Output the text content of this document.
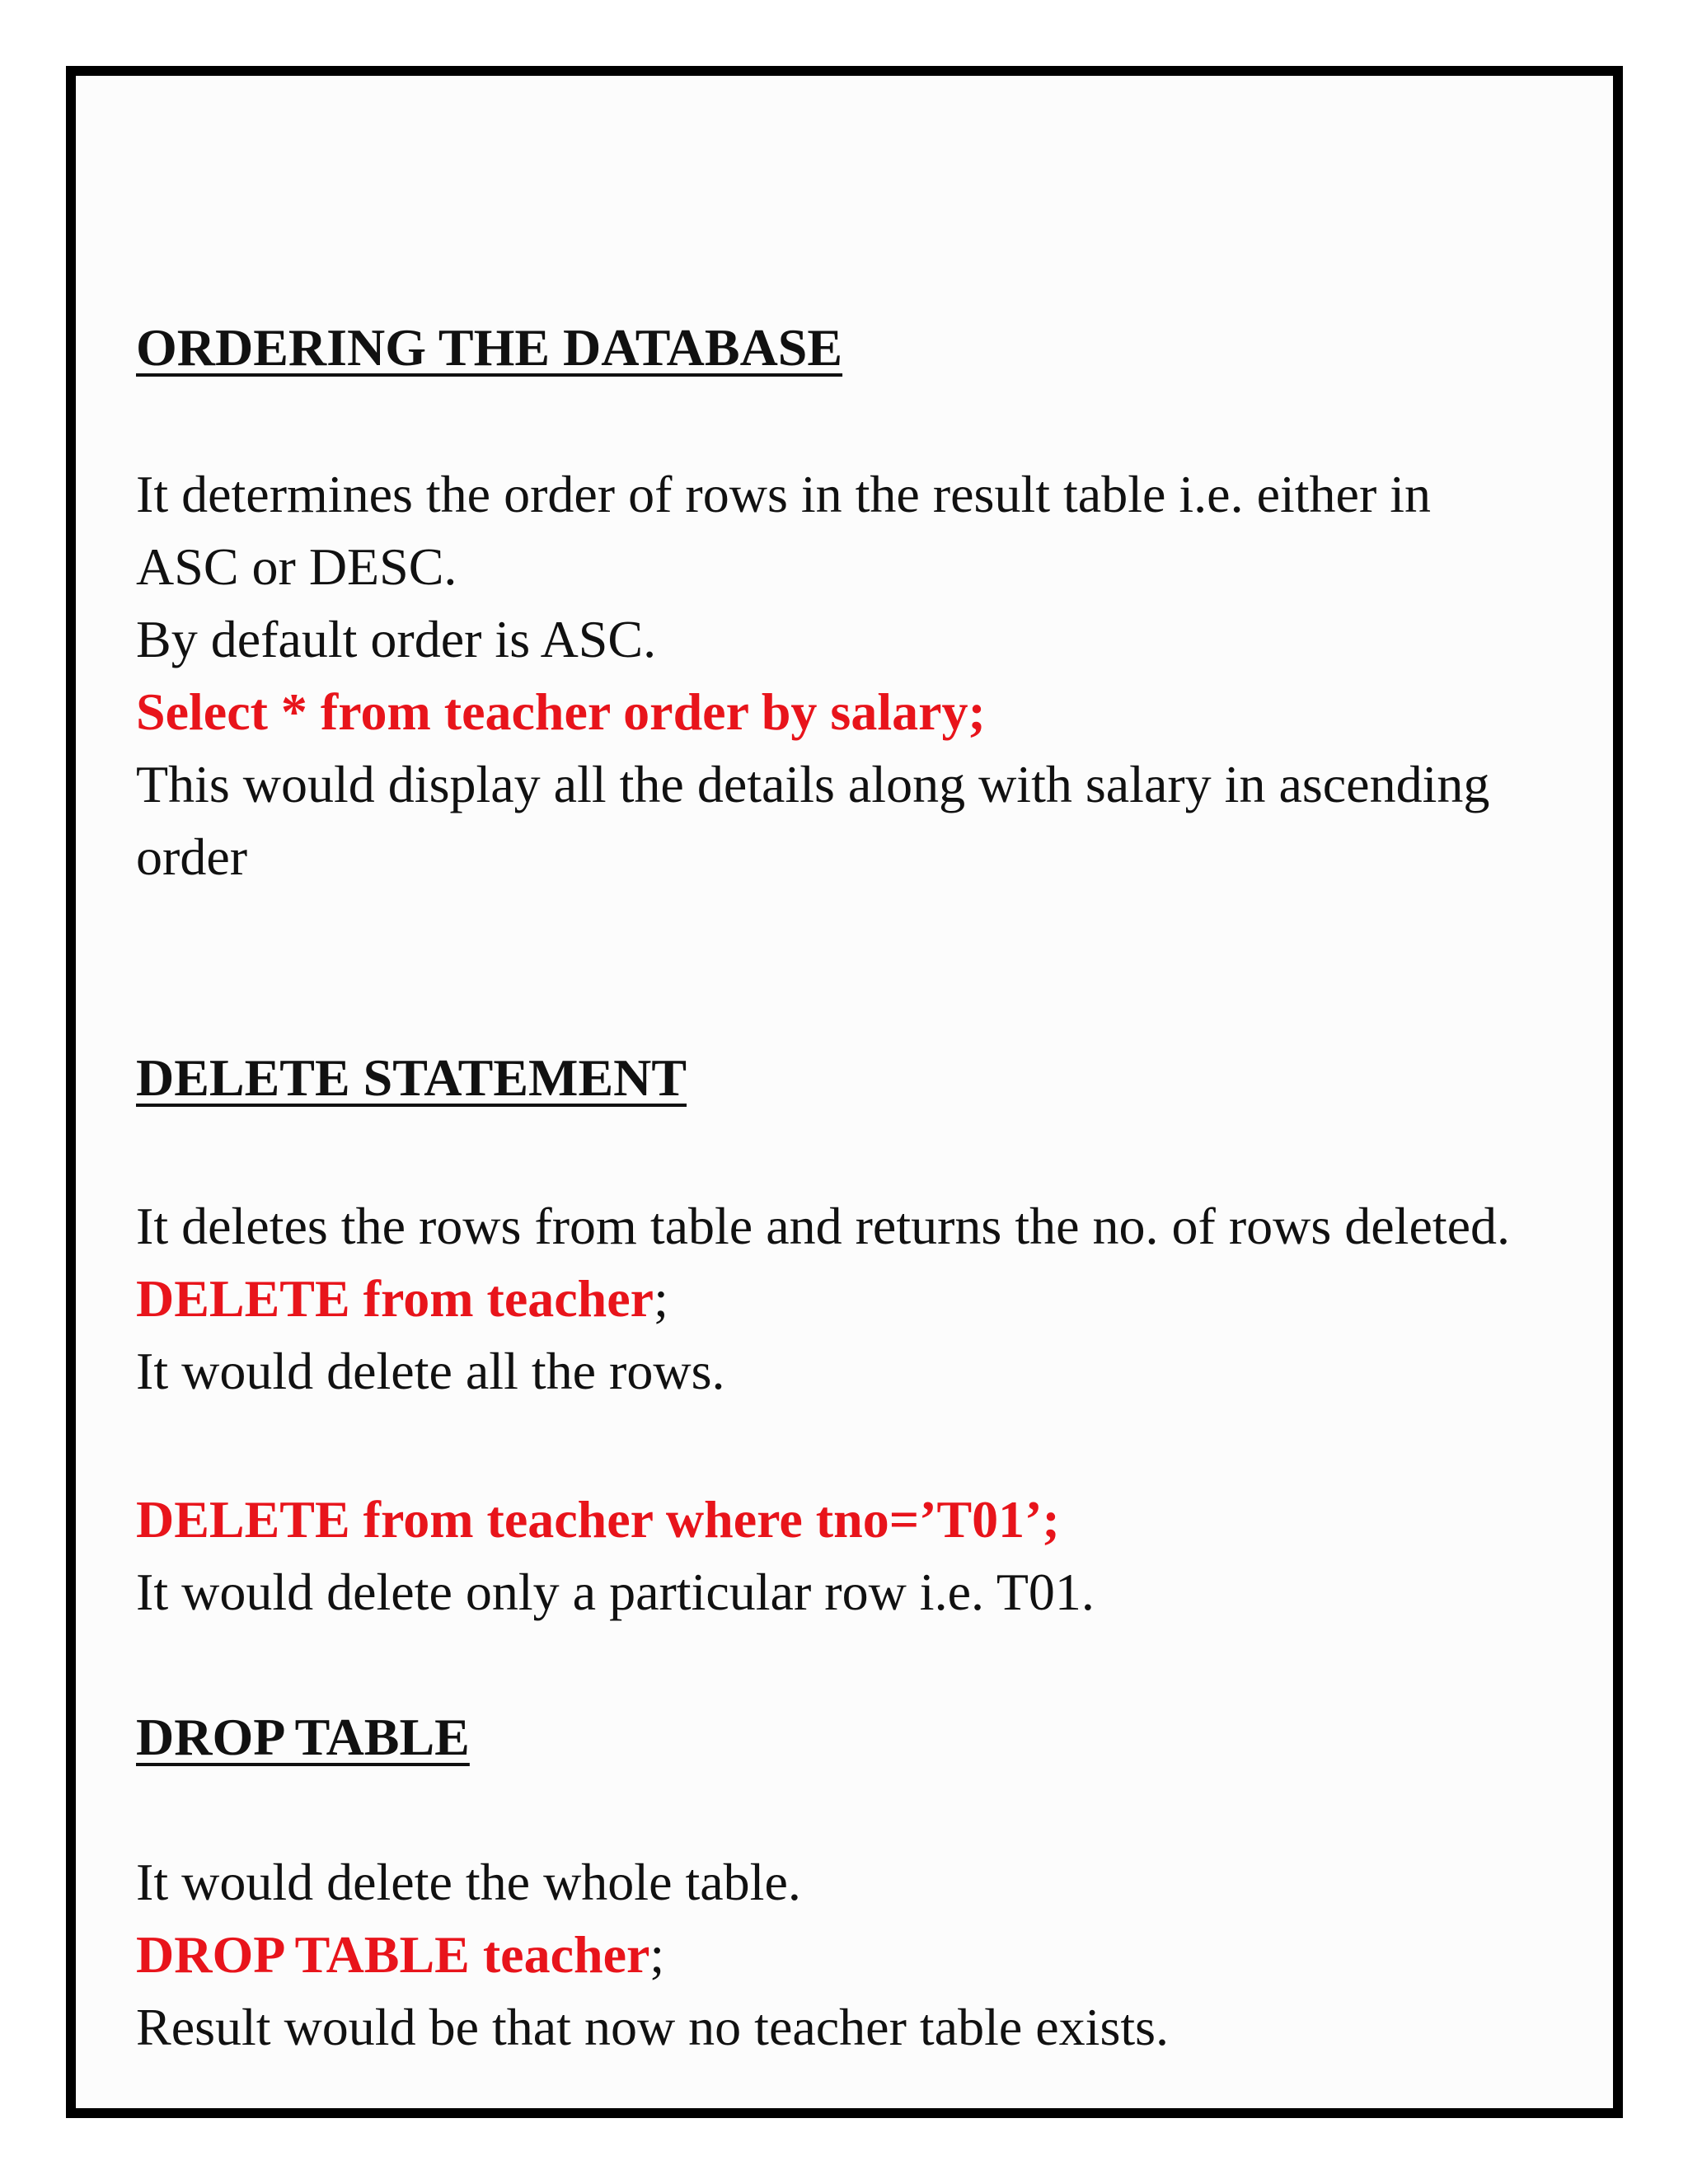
ORDERING THE DATABASE
It determines the order of rows in the result table i.e. either in
ASC or DESC.
By default order is ASC.
Select * from teacher order by salary;
This would display all the details along with salary in ascending
order
DELETE STATEMENT
It deletes the rows from table and returns the no. of rows deleted.
DELETE from teacher;
It would delete all the rows.
DELETE from teacher where tno=’T01’;
It would delete only a particular row i.e. T01.
DROP TABLE
It would delete the whole table.
DROP TABLE teacher;
Result would be that now no teacher table exists.
